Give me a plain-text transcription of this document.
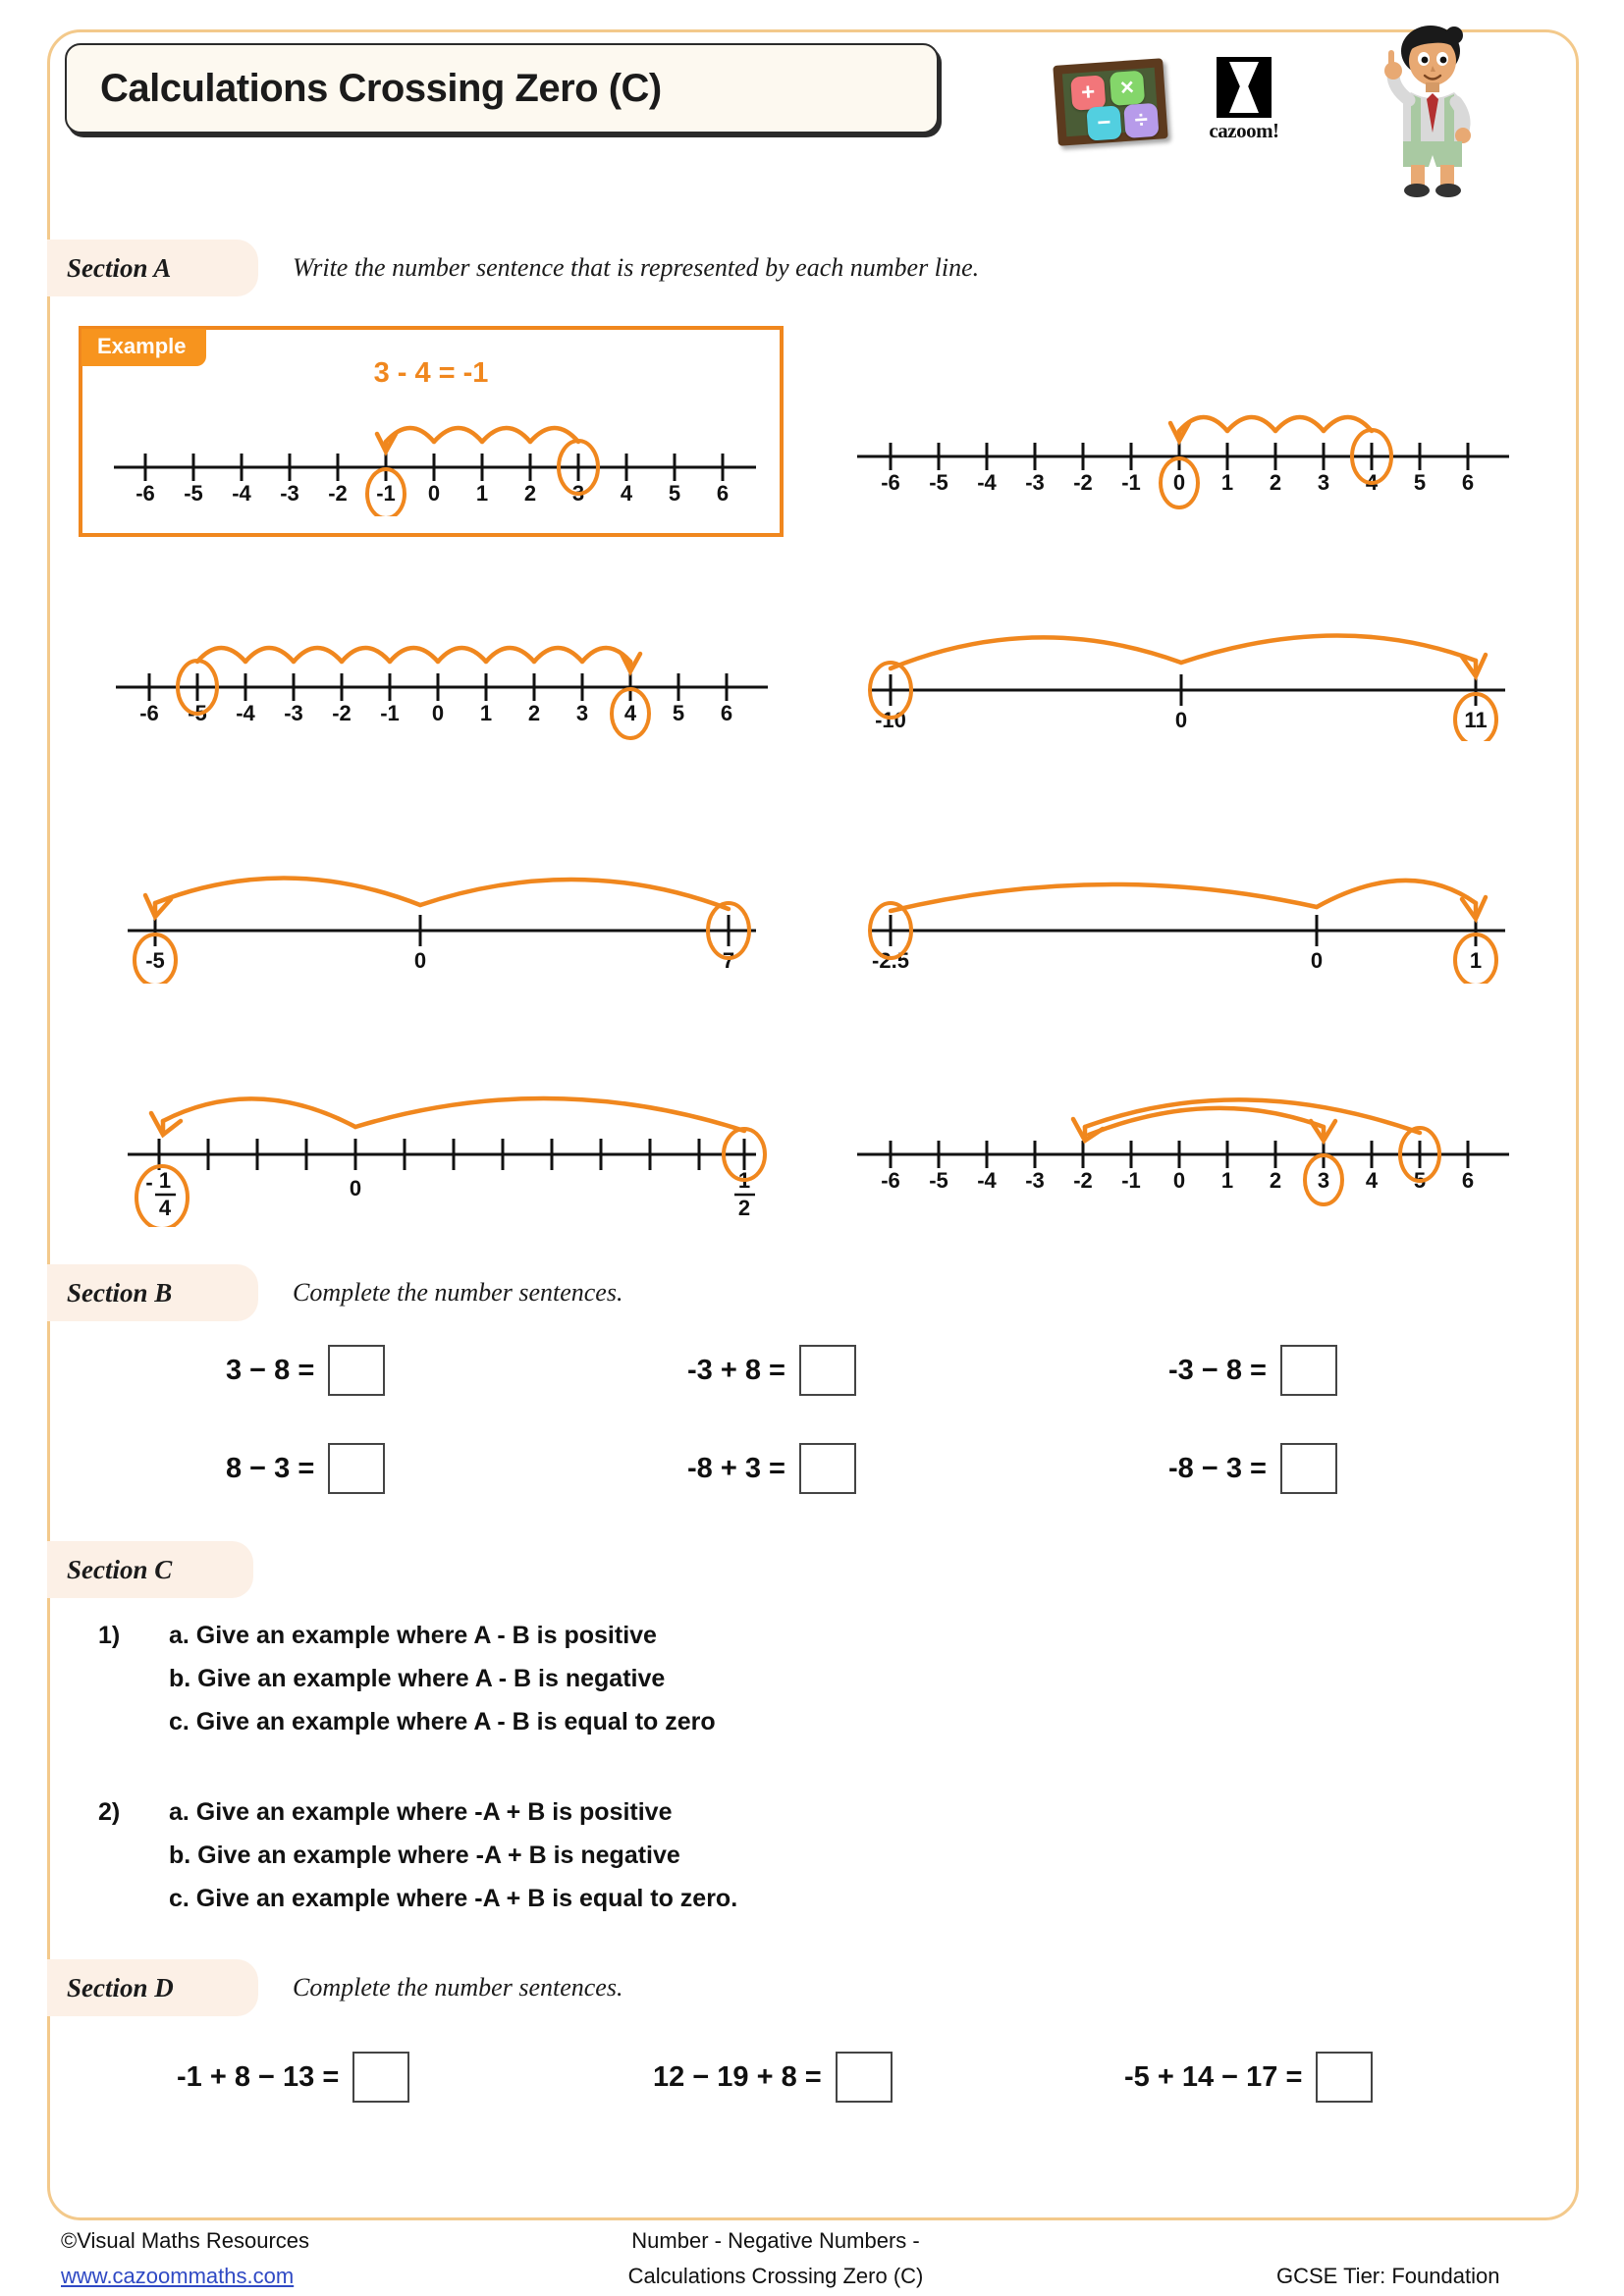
Calculations Crossing Zero (C)	+ ×
− ÷	cazoom!
Section A	Write the number sentence that is represented by each number line.
Example
3 - 4 = -1
-6 -5 -4 -3 -2 -1 0 1 2 3 4 5 6	-6 -5 -4 -3 -2 -1 0 1 2 3 4 5 6
-6 -5 -4 -3 -2 -1 0 1 2 3 4 5 6	-10	0	11
-5	0	7	-2.5	0	1
0
- 1
4
1
2
-6 -5 -4 -3 -2 -1 0 1 2 3 4 5 6
Section B	Complete the number sentences.
3 − 8 =	-3 + 8 =	-3 − 8 =
8 − 3 =	-8 + 3 =	-8 − 3 =
Section C
1) a. Give an example where A - B is positive
b. Give an example where A - B is negative
c. Give an example where A - B is equal to zero
2) a. Give an example where -A + B is positive
b. Give an example where -A + B is negative
c. Give an example where -A + B is equal to zero.
Section D	Complete the number sentences.
-1 + 8 − 13 =	12 − 19 + 8 =	-5 + 14 − 17 =
©Visual Maths Resources
www.cazoommaths.com
Number - Negative Numbers -
Calculations Crossing Zero (C)	GCSE Tier: Foundation
